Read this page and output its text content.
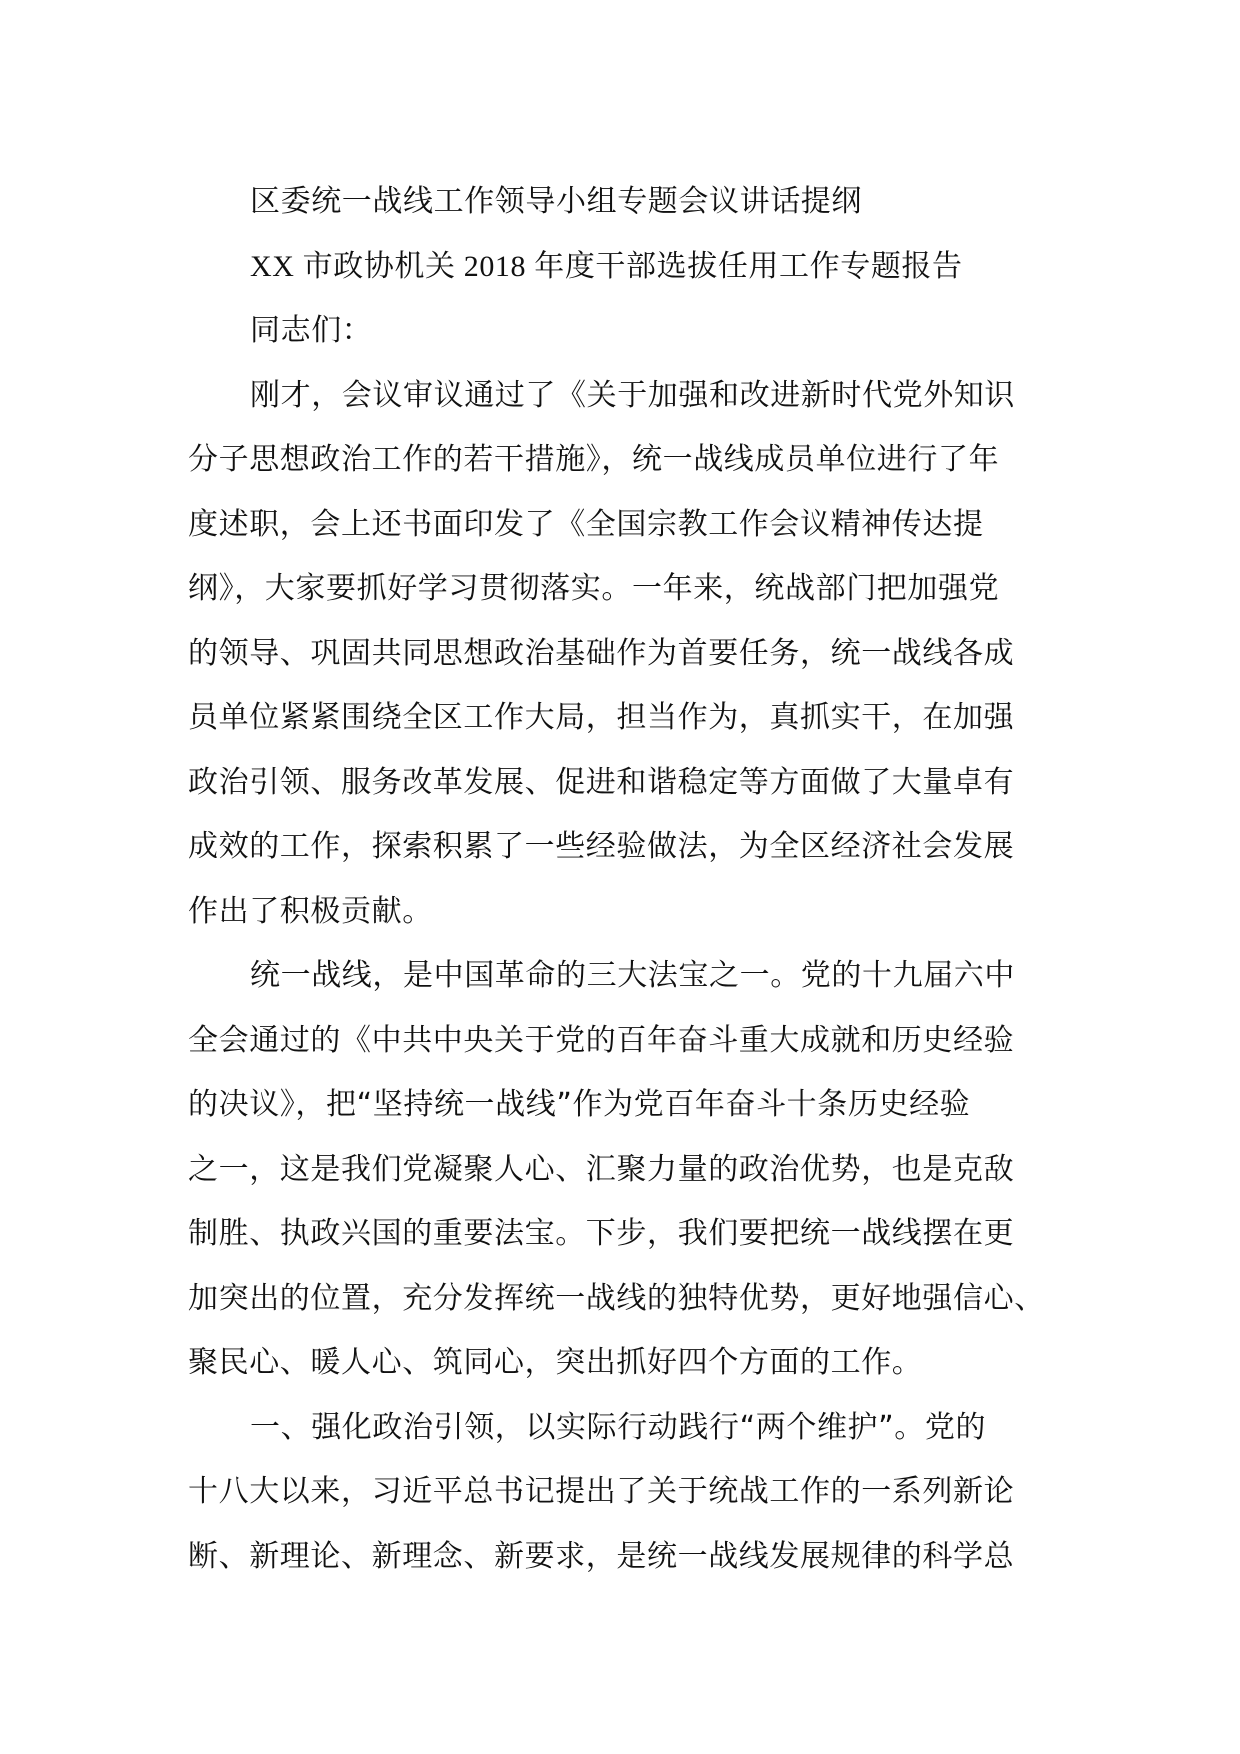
区委统一战线工作领导小组专题会议讲话提纲
XX 市政协机关 2018 年度干部选拔任用工作专题报告
同志们：
刚才，会议审议通过了《关于加强和改进新时代党外知识
分子思想政治工作的若干措施》，统一战线成员单位进行了年
度述职，会上还书面印发了《全国宗教工作会议精神传达提
纲》，大家要抓好学习贯彻落实。一年来，统战部门把加强党
的领导、巩固共同思想政治基础作为首要任务，统一战线各成
员单位紧紧围绕全区工作大局，担当作为，真抓实干，在加强
政治引领、服务改革发展、促进和谐稳定等方面做了大量卓有
成效的工作，探索积累了一些经验做法，为全区经济社会发展
作出了积极贡献。
统一战线，是中国革命的三大法宝之一。党的十九届六中
全会通过的《中共中央关于党的百年奋斗重大成就和历史经验
的决议》，把“坚持统一战线”作为党百年奋斗十条历史经验
之一，这是我们党凝聚人心、汇聚力量的政治优势，也是克敌
制胜、执政兴国的重要法宝。下步，我们要把统一战线摆在更
加突出的位置，充分发挥统一战线的独特优势，更好地强信心、
聚民心、暖人心、筑同心，突出抓好四个方面的工作。
一、强化政治引领，以实际行动践行“两个维护”。党的
十八大以来，习近平总书记提出了关于统战工作的一系列新论
断、新理论、新理念、新要求，是统一战线发展规律的科学总
